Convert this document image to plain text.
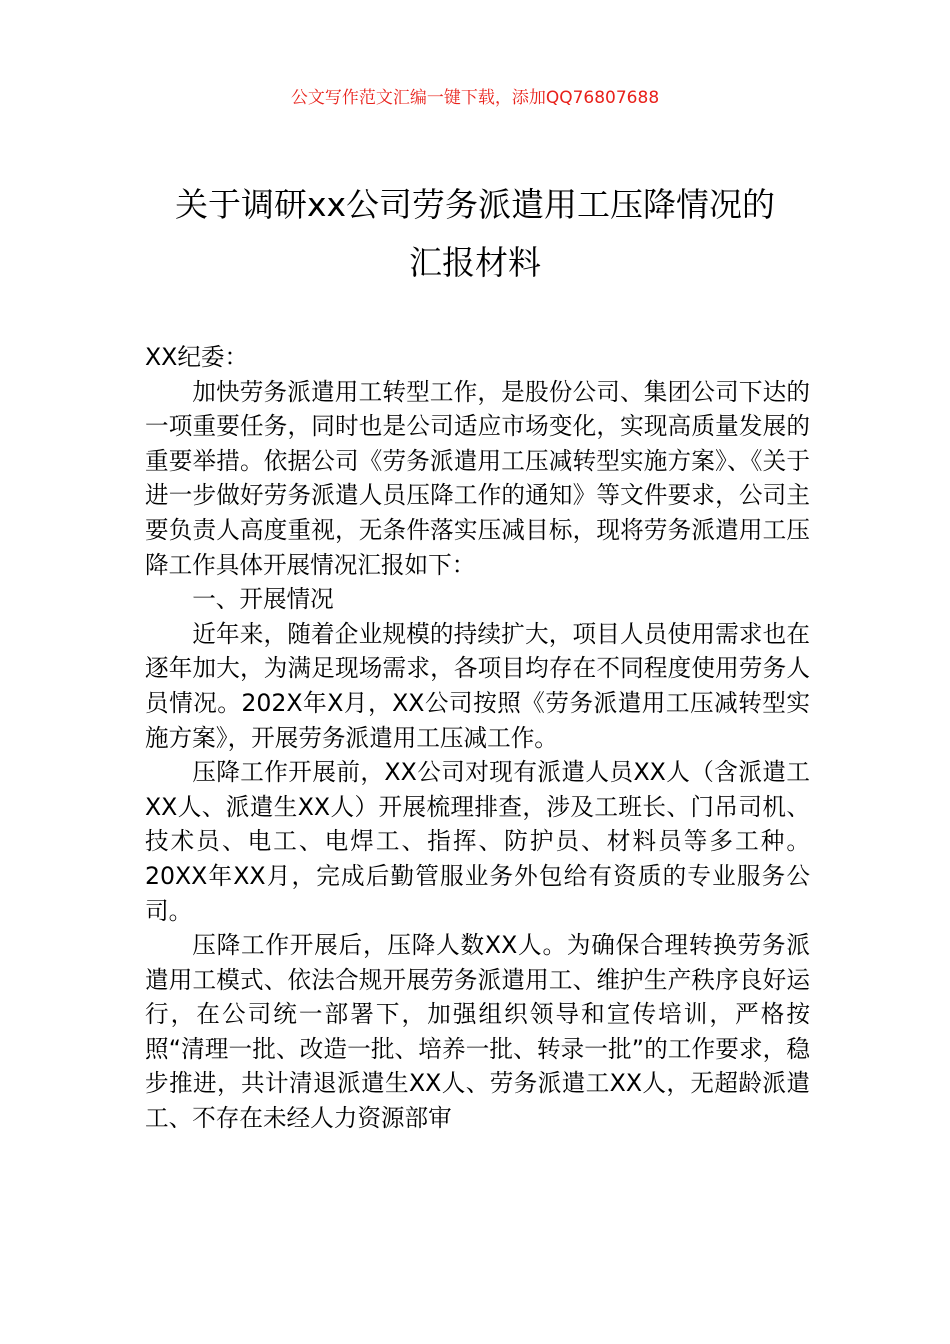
公文写作范文汇编一键下载，添加QQ76807688
关于调研xx公司劳务派遣用工压降情况的
汇报材料

XX纪委：

加快劳务派遣用工转型工作，是股份公司、集团公司下达的一项重要任务，同时也是公司适应市场变化，实现高质量发展的重要举措。依据公司《劳务派遣用工压减转型实施方案》、《关于进一步做好劳务派遣人员压降工作的通知》等文件要求，公司主要负责人高度重视，无条件落实压减目标，现将劳务派遣用工压降工作具体开展情况汇报如下：

一、开展情况

近年来，随着企业规模的持续扩大，项目人员使用需求也在逐年加大，为满足现场需求，各项目均存在不同程度使用劳务人员情况。202X年X月，XX公司按照《劳务派遣用工压减转型实施方案》，开展劳务派遣用工压减工作。

压降工作开展前，XX公司对现有派遣人员XX人（含派遣工XX人、派遣生XX人）开展梳理排查，涉及工班长、门吊司机、技术员、电工、电焊工、指挥、防护员、材料员等多工种。20XX年XX月，完成后勤管服业务外包给有资质的专业服务公司。

压降工作开展后，压降人数XX人。为确保合理转换劳务派遣用工模式、依法合规开展劳务派遣用工、维护生产秩序良好运行，在公司统一部署下，加强组织领导和宣传培训，严格按照“清理一批、改造一批、培养一批、转录一批”的工作要求，稳步推进，共计清退派遣生XX人、劳务派遣工XX人，无超龄派遣工、不存在未经人力资源部审
